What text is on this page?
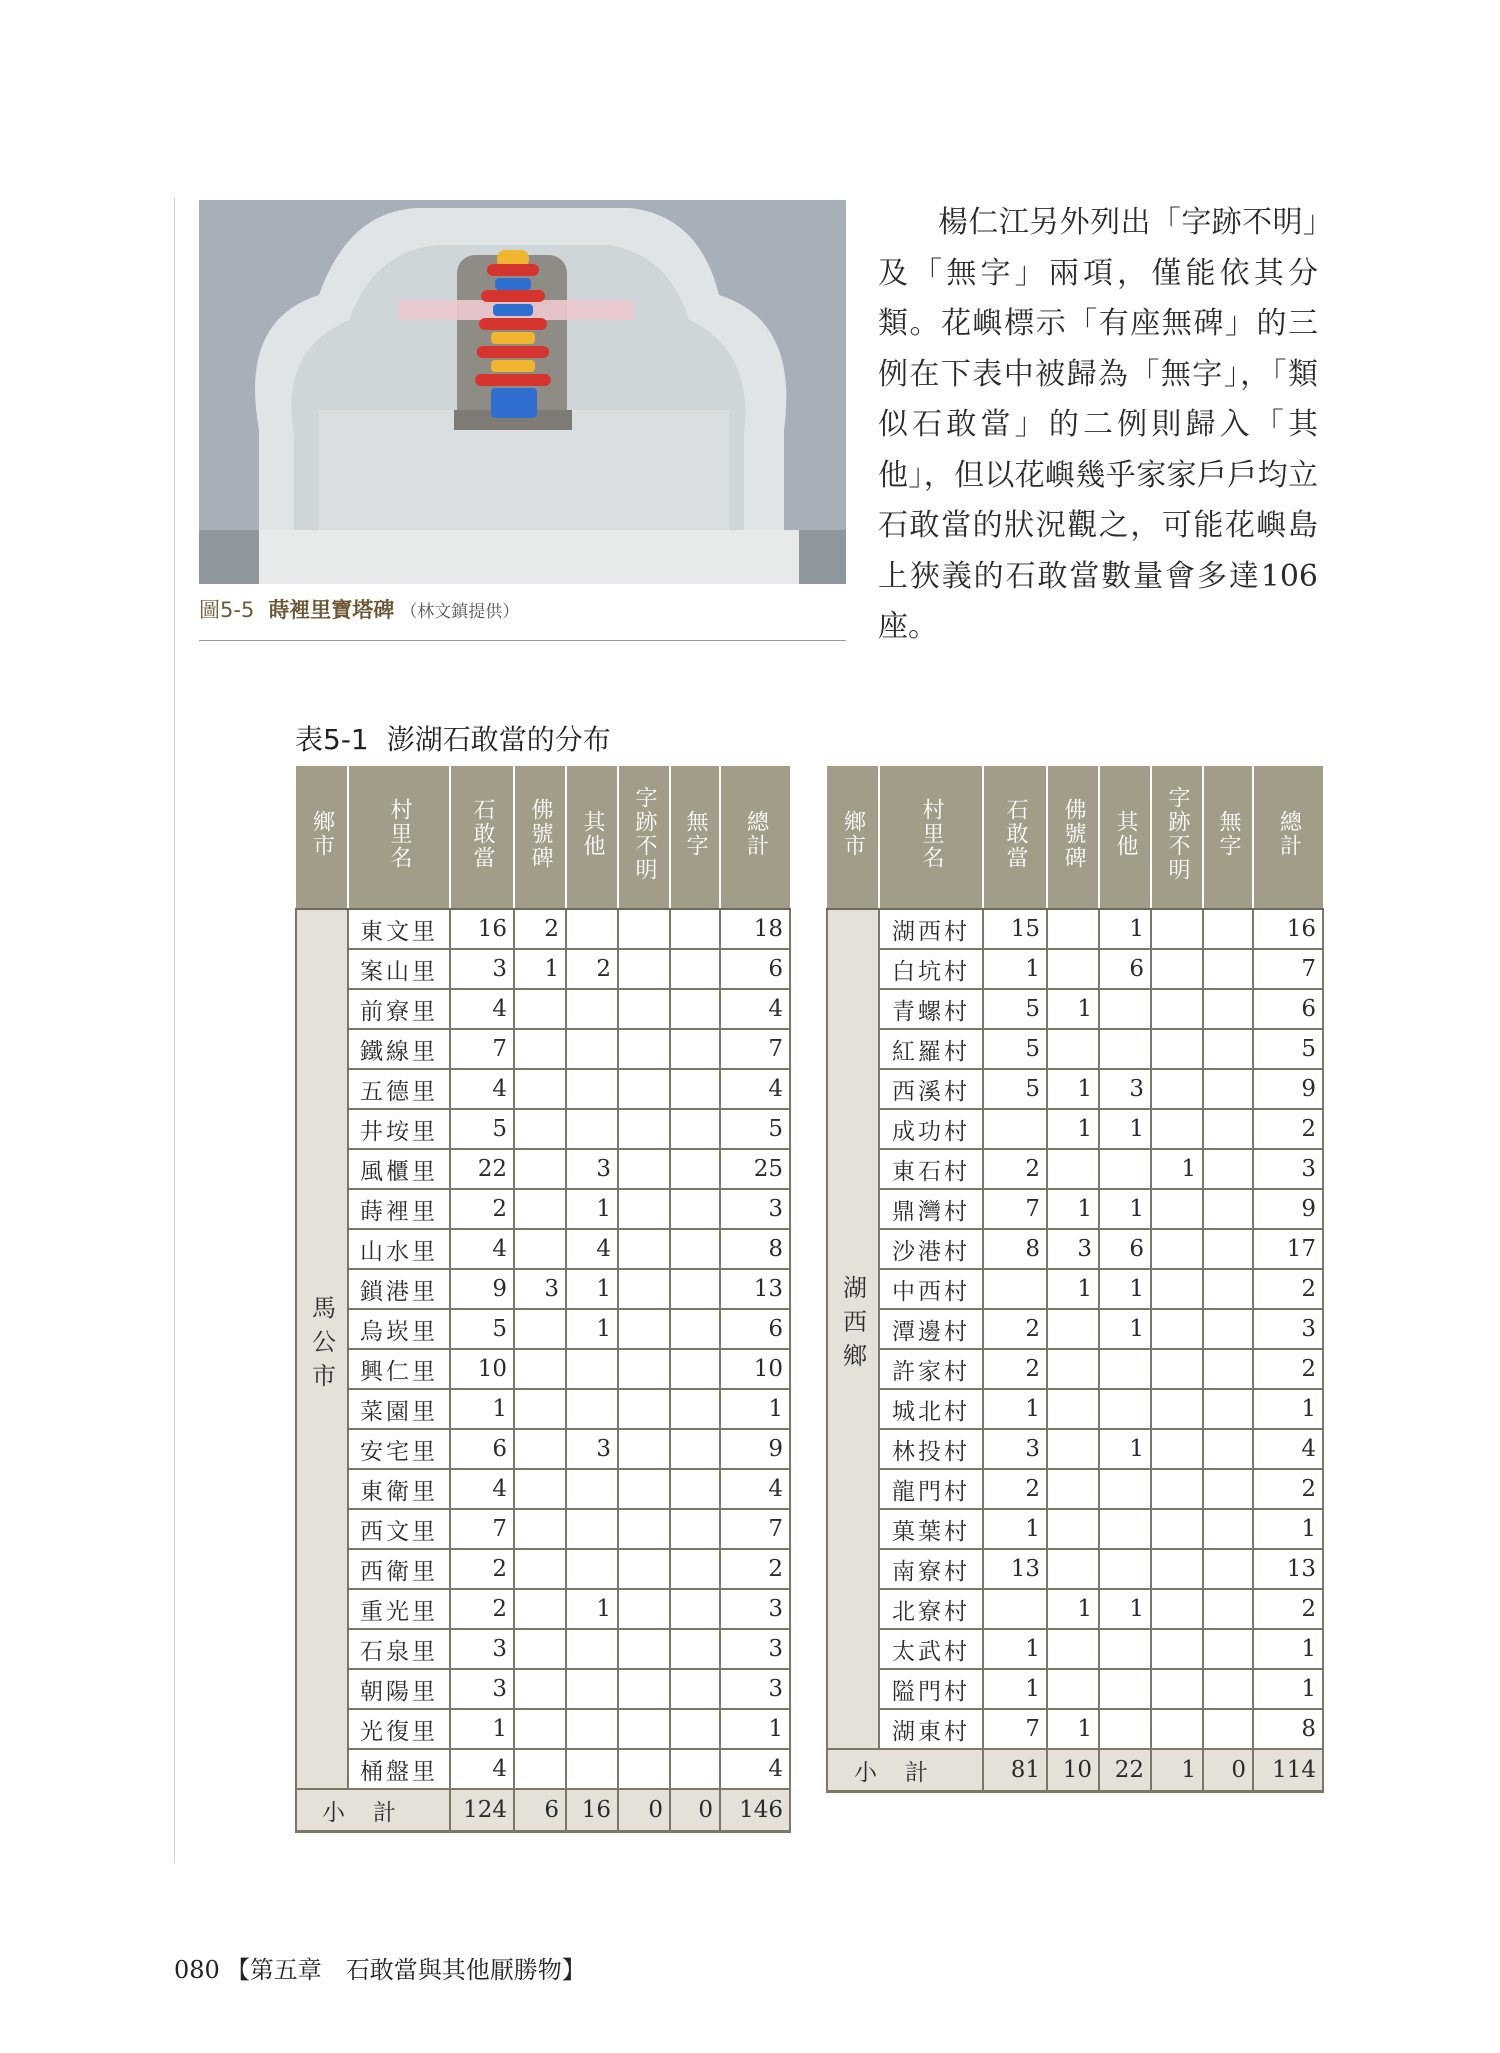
圖5-5 蒔裡里寶塔碑 （林文鎮提供）
楊仁江另外列出「字跡不明」及「無字」兩項，僅能依其分類。花嶼標示「有座無碑」的三例在下表中被歸為「無字」，「類似石敢當」的二例則歸入「其他」，但以花嶼幾乎家家戶戶均立石敢當的狀況觀之，可能花嶼島上狹義的石敢當數量會多達106座。
表5-1 澎湖石敢當的分布
鄉市	村里名	石敢當	佛號碑	其他	字跡不明	無字	總計
馬公市	東文里	16	2				18
	案山里	3	1	2			6
	前寮里	4					4
	鐵線里	7					7
	五德里	4					4
	井垵里	5					5
	風櫃里	22		3			25
	蒔裡里	2		1			3
	山水里	4		4			8
	鎖港里	9	3	1			13
	烏崁里	5		1			6
	興仁里	10					10
	菜園里	1					1
	安宅里	6		3			9
	東衛里	4					4
	西文里	7					7
	西衛里	2					2
	重光里	2		1			3
	石泉里	3					3
	朝陽里	3					3
	光復里	1					1
	桶盤里	4					4
小計		124	6	16	0	0	146
鄉市	村里名	石敢當	佛號碑	其他	字跡不明	無字	總計
湖西鄉	湖西村	15		1			16
	白坑村	1		6			7
	青螺村	5	1				6
	紅羅村	5					5
	西溪村	5	1	3			9
	成功村		1	1			2
	東石村	2			1		3
	鼎灣村	7	1	1			9
	沙港村	8	3	6			17
	中西村		1	1			2
	潭邊村	2		1			3
	許家村	2					2
	城北村	1					1
	林投村	3		1			4
	龍門村	2					2
	菓葉村	1					1
	南寮村	13					13
	北寮村		1	1			2
	太武村	1					1
	隘門村	1					1
	湖東村	7	1				8
小計		81	10	22	1	0	114
080 【第五章　石敢當與其他厭勝物】
